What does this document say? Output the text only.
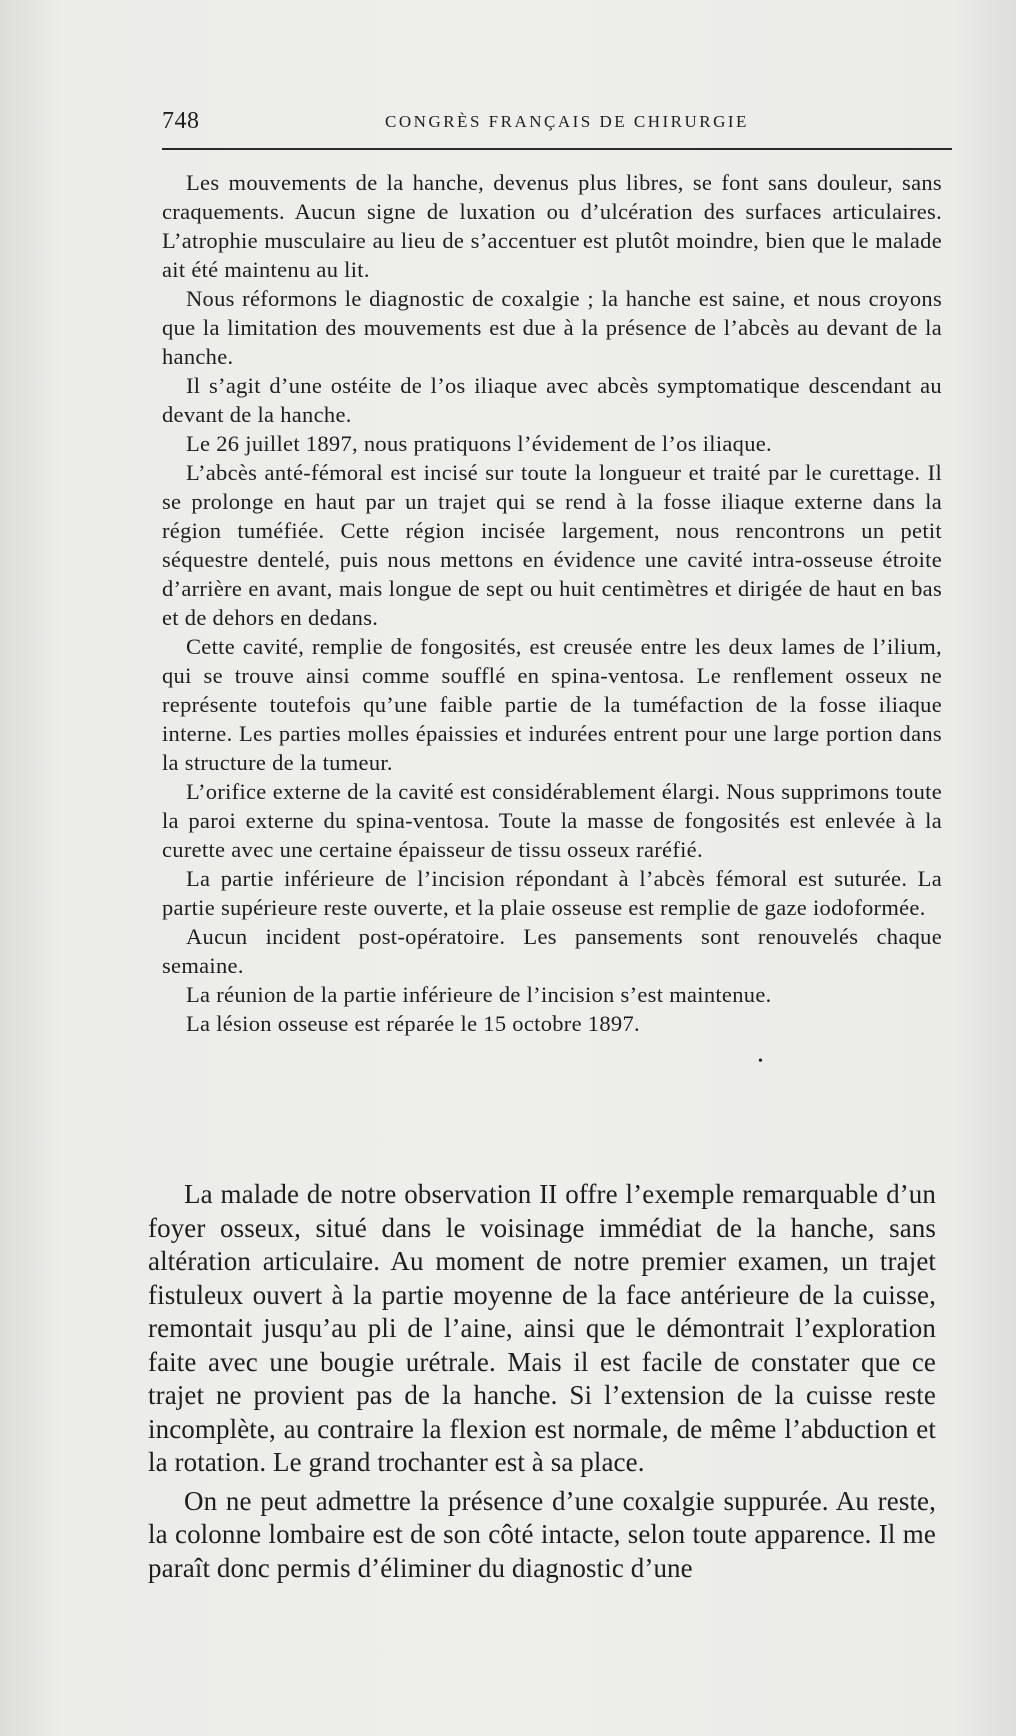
748	CONGRÈS FRANÇAIS DE CHIRURGIE

Les mouvements de la hanche, devenus plus libres, se font sans douleur, sans craquements. Aucun signe de luxation ou d’ulcération des surfaces articulaires. L’atrophie musculaire au lieu de s’accentuer est plutôt moindre, bien que le malade ait été maintenu au lit.

Nous réformons le diagnostic de coxalgie ; la hanche est saine, et nous croyons que la limitation des mouvements est due à la présence de l’abcès au devant de la hanche.

Il s’agit d’une ostéite de l’os iliaque avec abcès symptomatique descendant au devant de la hanche.

Le 26 juillet 1897, nous pratiquons l’évidement de l’os iliaque.

L’abcès anté-fémoral est incisé sur toute la longueur et traité par le curettage. Il se prolonge en haut par un trajet qui se rend à la fosse iliaque externe dans la région tuméfiée. Cette région incisée largement, nous rencontrons un petit séquestre dentelé, puis nous mettons en évidence une cavité intra-osseuse étroite d’arrière en avant, mais longue de sept ou huit centimètres et dirigée de haut en bas et de dehors en dedans.

Cette cavité, remplie de fongosités, est creusée entre les deux lames de l’ilium, qui se trouve ainsi comme soufflé en spina-ventosa. Le renflement osseux ne représente toutefois qu’une faible partie de la tuméfaction de la fosse iliaque interne. Les parties molles épaissies et indurées entrent pour une large portion dans la structure de la tumeur.

L’orifice externe de la cavité est considérablement élargi. Nous supprimons toute la paroi externe du spina-ventosa. Toute la masse de fongosités est enlevée à la curette avec une certaine épaisseur de tissu osseux raréfié.

La partie inférieure de l’incision répondant à l’abcès fémoral est suturée. La partie supérieure reste ouverte, et la plaie osseuse est remplie de gaze iodoformée.

Aucun incident post-opératoire. Les pansements sont renouvelés chaque semaine.

La réunion de la partie inférieure de l’incision s’est maintenue.

La lésion osseuse est réparée le 15 octobre 1897.

•

La malade de notre observation II offre l’exemple remarquable d’un foyer osseux, situé dans le voisinage immédiat de la hanche, sans altération articulaire. Au moment de notre premier examen, un trajet fistuleux ouvert à la partie moyenne de la face antérieure de la cuisse, remontait jusqu’au pli de l’aine, ainsi que le démontrait l’exploration faite avec une bougie urétrale. Mais il est facile de constater que ce trajet ne provient pas de la hanche. Si l’extension de la cuisse reste incomplète, au contraire la flexion est normale, de même l’abduction et la rotation. Le grand trochanter est à sa place.

On ne peut admettre la présence d’une coxalgie suppurée. Au reste, la colonne lombaire est de son côté intacte, selon toute apparence. Il me paraît donc permis d’éliminer du diagnostic d’une
